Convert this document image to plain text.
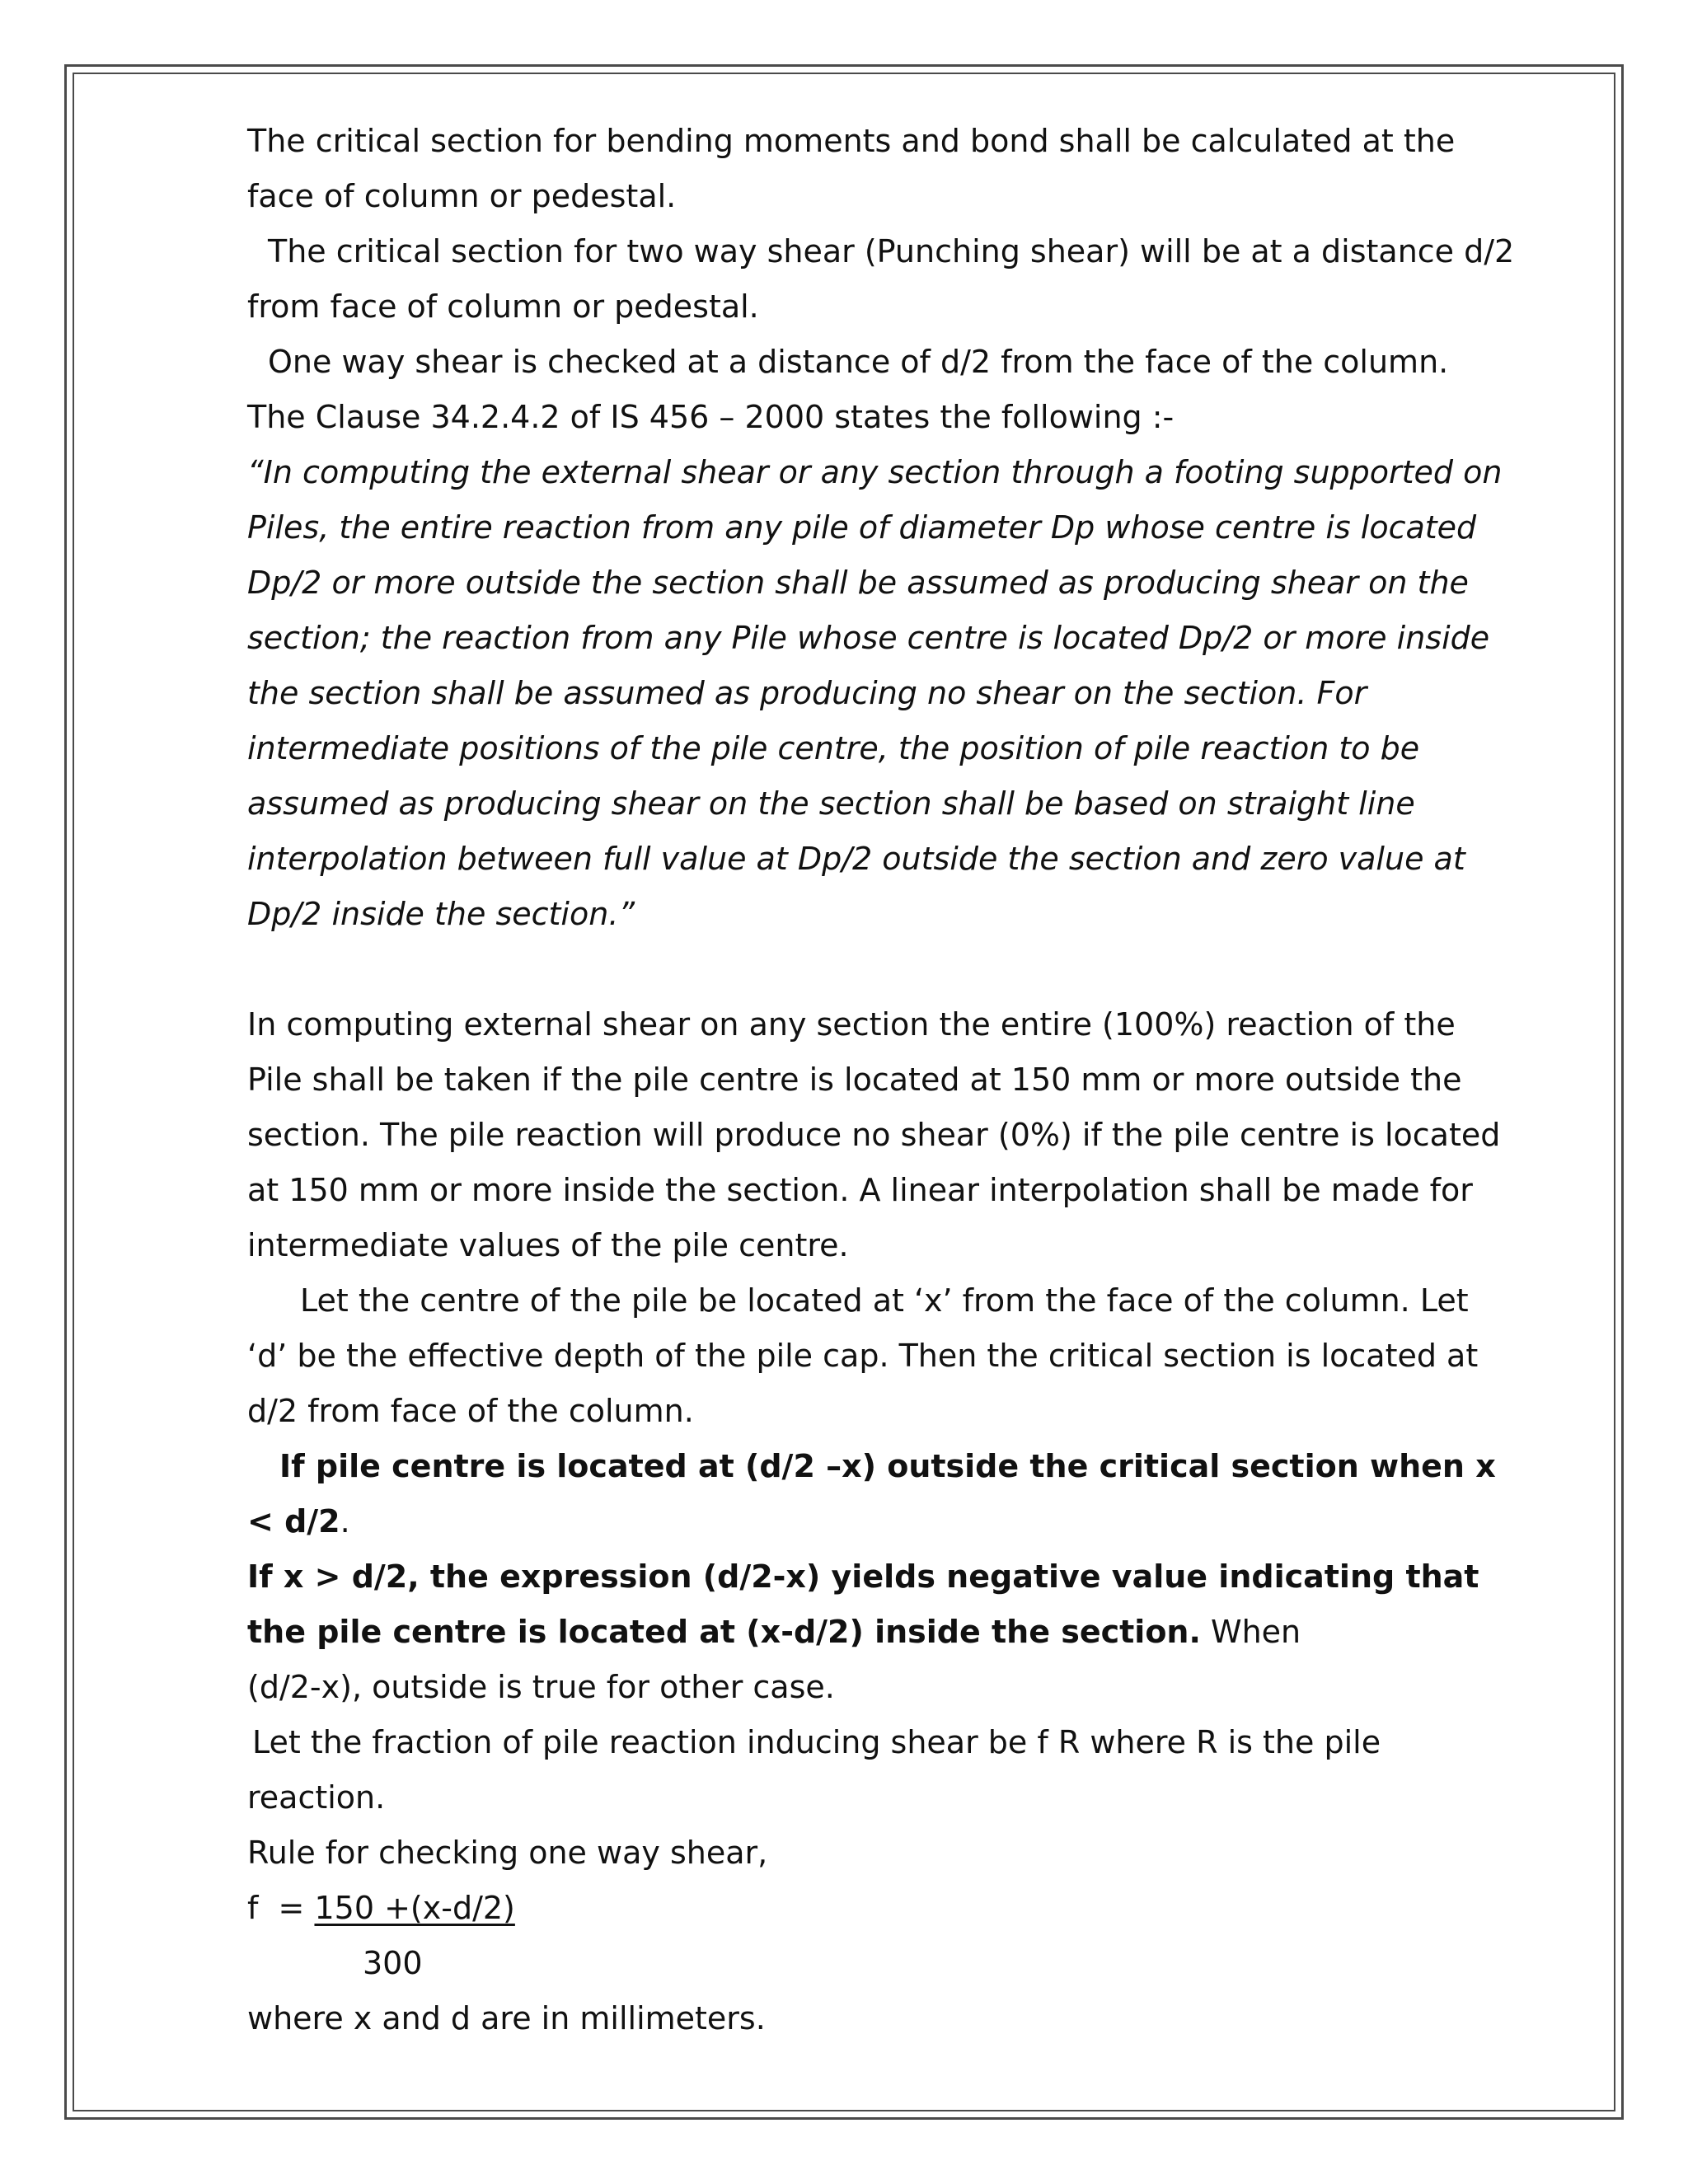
The critical section for bending moments and bond shall be calculated at the
face of column or pedestal.
The critical section for two way shear (Punching shear) will be at a distance d/2
from face of column or pedestal.
One way shear is checked at a distance of d/2 from the face of the column.
The Clause 34.2.4.2 of IS 456 – 2000 states the following :-
“In computing the external shear or any section through a footing supported on
Piles, the entire reaction from any pile of diameter Dp whose centre is located
Dp/2 or more outside the section shall be assumed as producing shear on the
section; the reaction from any Pile whose centre is located Dp/2 or more inside
the section shall be assumed as producing no shear on the section. For
intermediate positions of the pile centre, the position of pile reaction to be
assumed as producing shear on the section shall be based on straight line
interpolation between full value at Dp/2 outside the section and zero value at
Dp/2 inside the section.”
In computing external shear on any section the entire (100%) reaction of the
Pile shall be taken if the pile centre is located at 150 mm or more outside the
section. The pile reaction will produce no shear (0%) if the pile centre is located
at 150 mm or more inside the section. A linear interpolation shall be made for
intermediate values of the pile centre.
Let the centre of the pile be located at ‘x’ from the face of the column. Let
‘d’ be the effective depth of the pile cap. Then the critical section is located at
d/2 from face of the column.
If pile centre is located at (d/2 –x) outside the critical section when x
< d/2.
If x > d/2, the expression (d/2-x) yields negative value indicating that
the pile centre is located at (x-d/2) inside the section. When
(d/2-x), outside is true for other case.
Let the fraction of pile reaction inducing shear be f R where R is the pile
reaction.
Rule for checking one way shear,
f  = 150 +(x-d/2)
300
where x and d are in millimeters.
